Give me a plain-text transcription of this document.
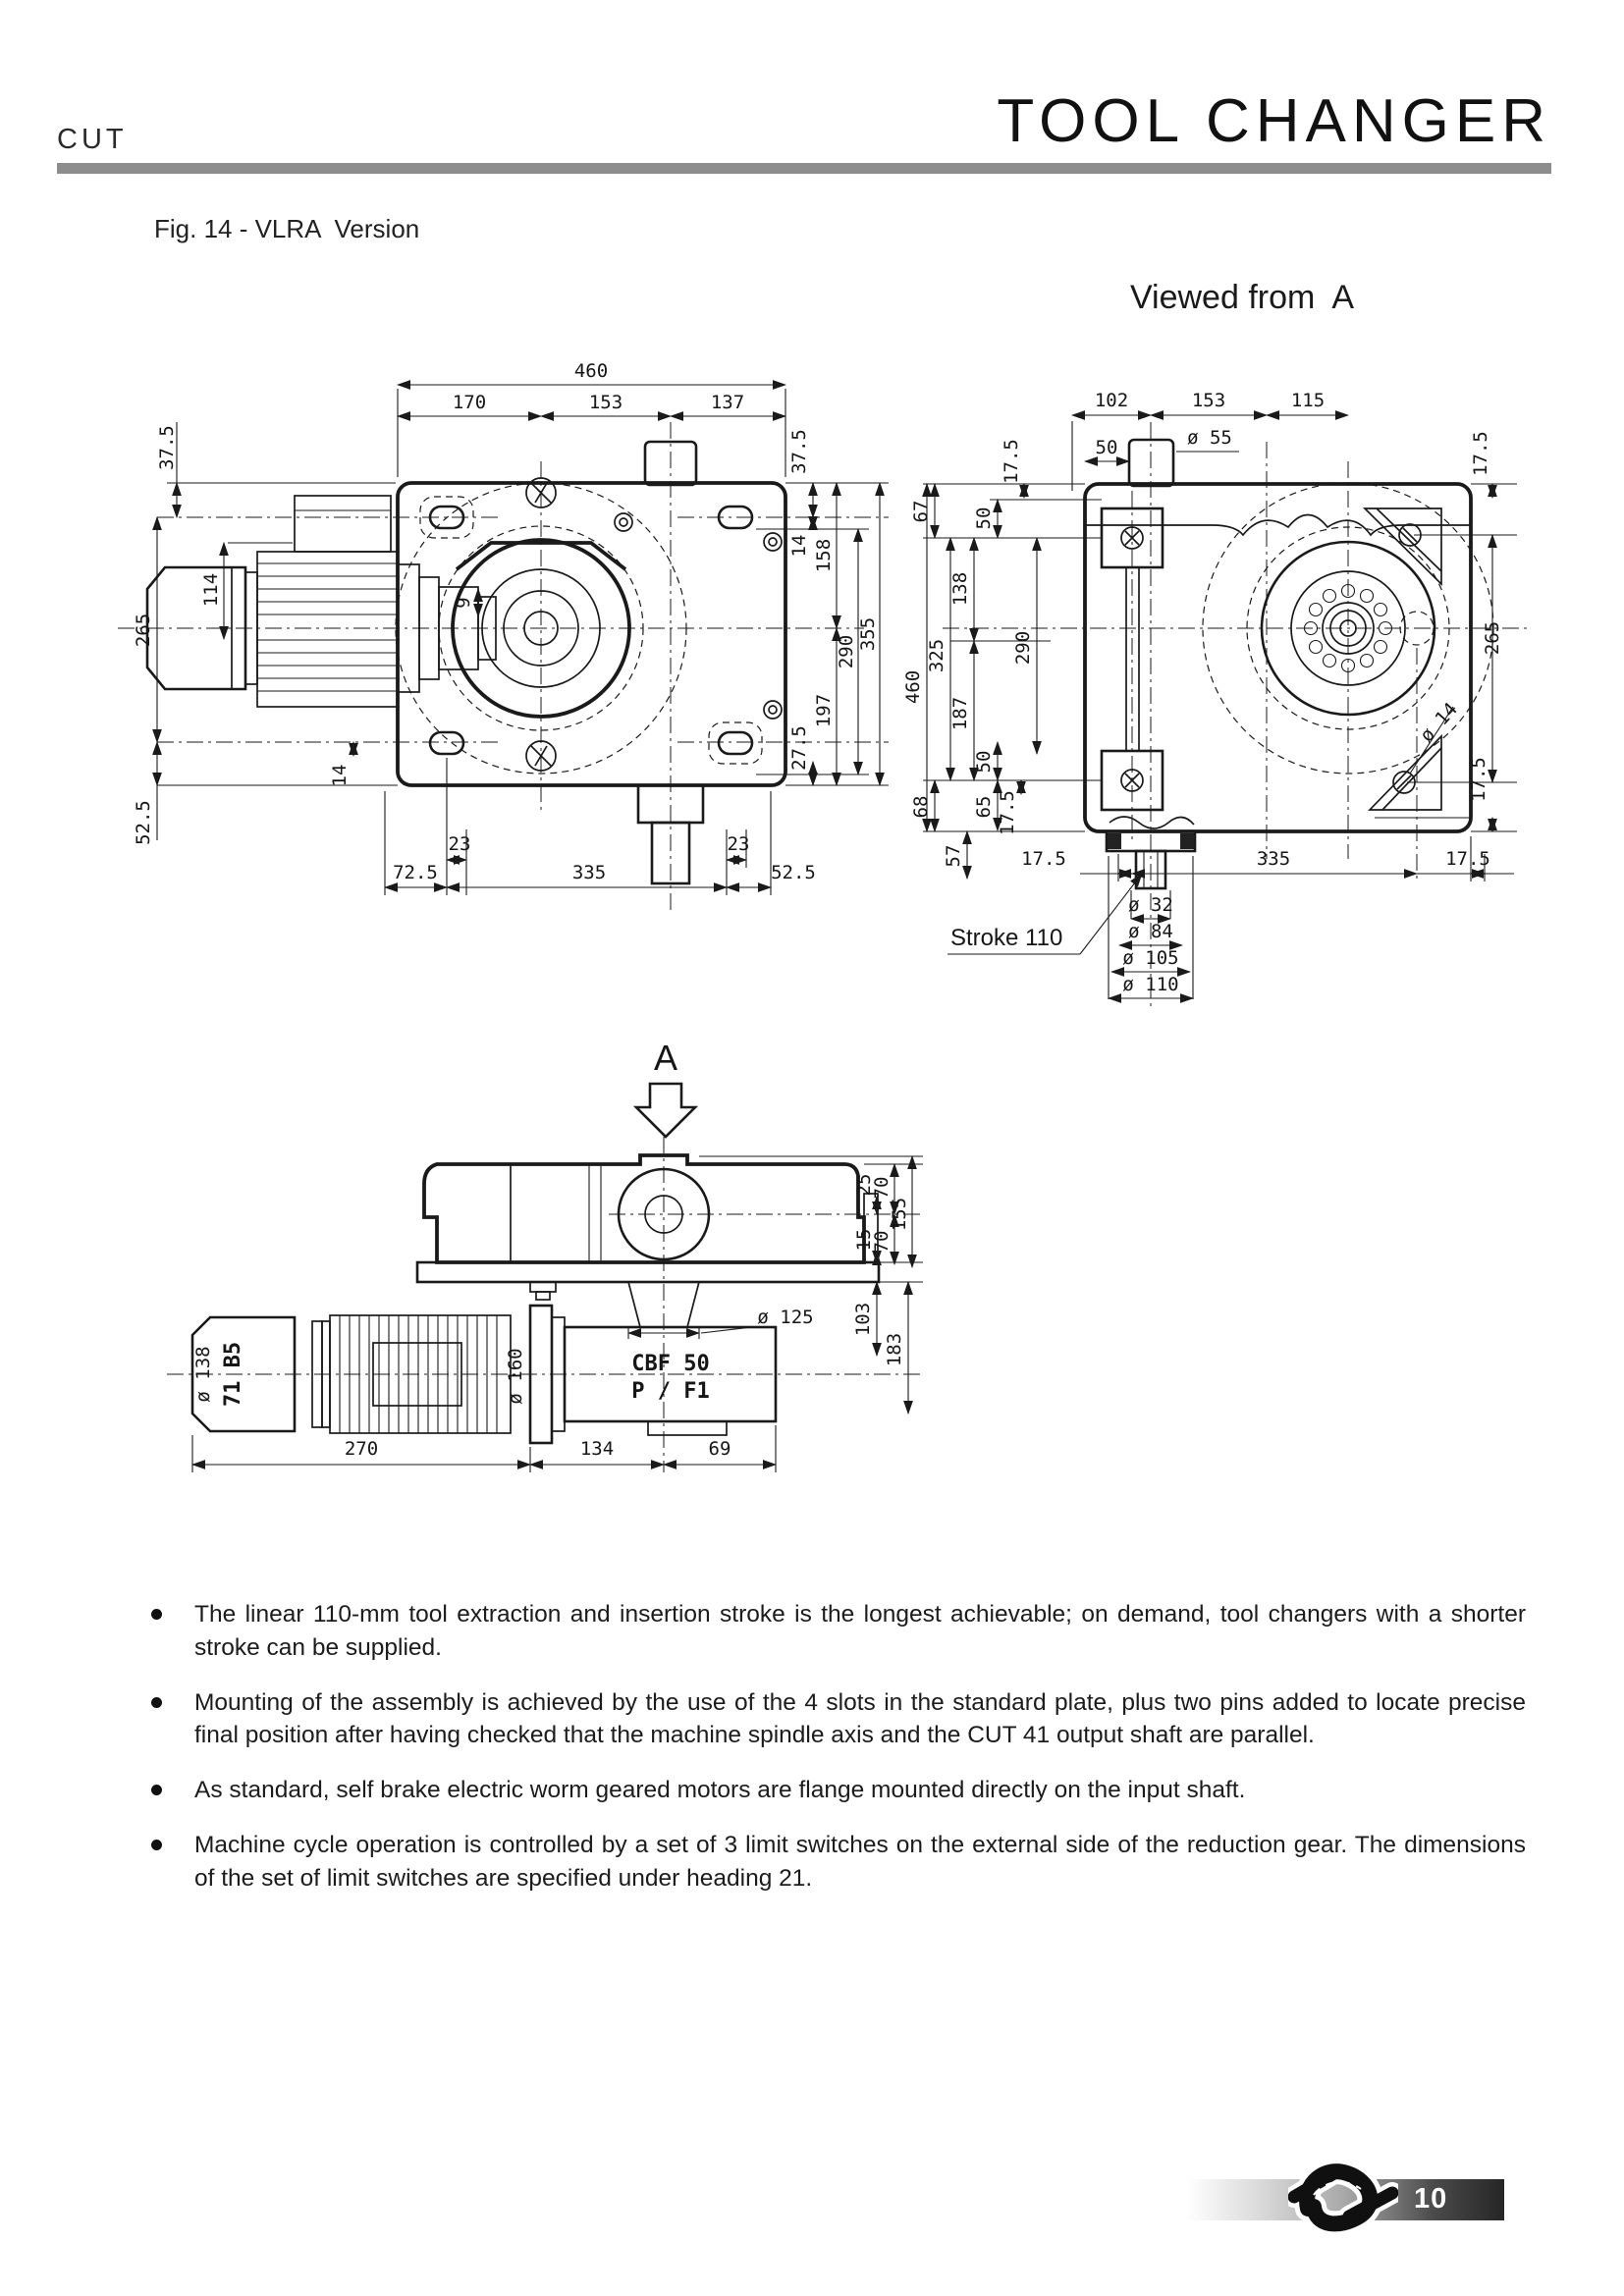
CUT	TOOL CHANGER
Fig. 14 - VLRA  Version
Viewed from  A
The linear 110-mm tool extraction and insertion stroke is the longest achievable; on demand, tool changers with a shorter stroke can be supplied.
Mounting of the assembly is achieved by the use of the 4 slots in the standard plate, plus two pins added to locate precise final position after having checked that the machine spindle axis and the CUT 41 output shaft are parallel.
As standard, self brake electric worm geared motors are flange mounted directly on the input shaft.
Machine cycle operation is controlled by a set of 3 limit switches on the external side of the reduction gear. The dimensions of the set of limit switches are specified under heading 21.
10
460
170	153	137
37.5
114
265
52.5
14
37.5
14 158
290
355
197
27.5
9
23	23
72.5	335	52.5
A
102	153	115
ø 55
50
67
17.5
50
138
325
460
187
290
50
65 17.5
68
57	17.5	335	17.5
ø 32
ø 84
ø 105
ø 110
17.5
265
17.5
ø 14
Stroke 110
25
70
155
15
70
103
183
ø 125
ø 138 71 B5	ø 160	CBF 50
P / F1
270	134	69
